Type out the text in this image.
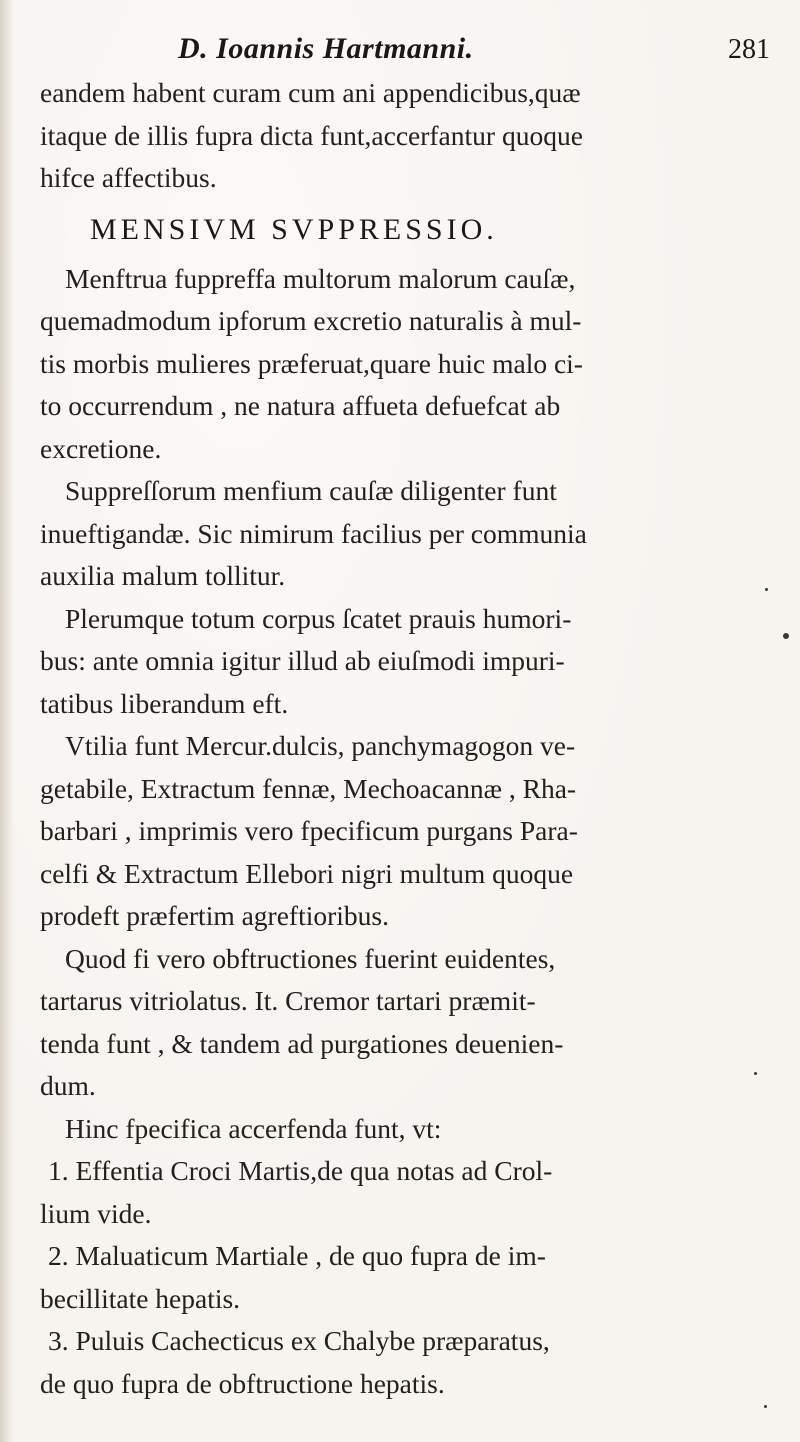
D. Ioannis Hartmanni.	281
eandem habent curam cum ani appendicibus,quæ
itaque de illis fupra dicta funt,accerfantur quoque
hifce affectibus.
MENSIVM SVPPRESSIO.
Menftrua fuppreffa multorum malorum cauſæ,
quemadmodum ipforum excretio naturalis à mul-
tis morbis mulieres præferuat,quare huic malo ci-
to occurrendum , ne natura affueta defuefcat ab
excretione.
Suppreſſorum menfium cauſæ diligenter funt
inueftigandæ. Sic nimirum facilius per communia
auxilia malum tollitur.
Plerumque totum corpus ſcatet prauis humori-
bus: ante omnia igitur illud ab eiuſmodi impuri-
tatibus liberandum eft.
Vtilia funt Mercur.dulcis, panchymagogon ve-
getabile, Extractum fennæ, Mechoacannæ , Rha-
barbari , imprimis vero fpecificum purgans Para-
celfi & Extractum Ellebori nigri multum quoque
prodeft præfertim agreftioribus.
Quod fi vero obftructiones fuerint euidentes,
tartarus vitriolatus. It. Cremor tartari præmit-
tenda funt , & tandem ad purgationes deuenien-
dum.
Hinc fpecifica accerfenda funt, vt:
1. Effentia Croci Martis,de qua notas ad Crol-
lium vide.
2. Maluaticum Martiale , de quo fupra de im-
becillitate hepatis.
3. Puluis Cachecticus ex Chalybe præparatus,
de quo fupra de obftructione hepatis.
